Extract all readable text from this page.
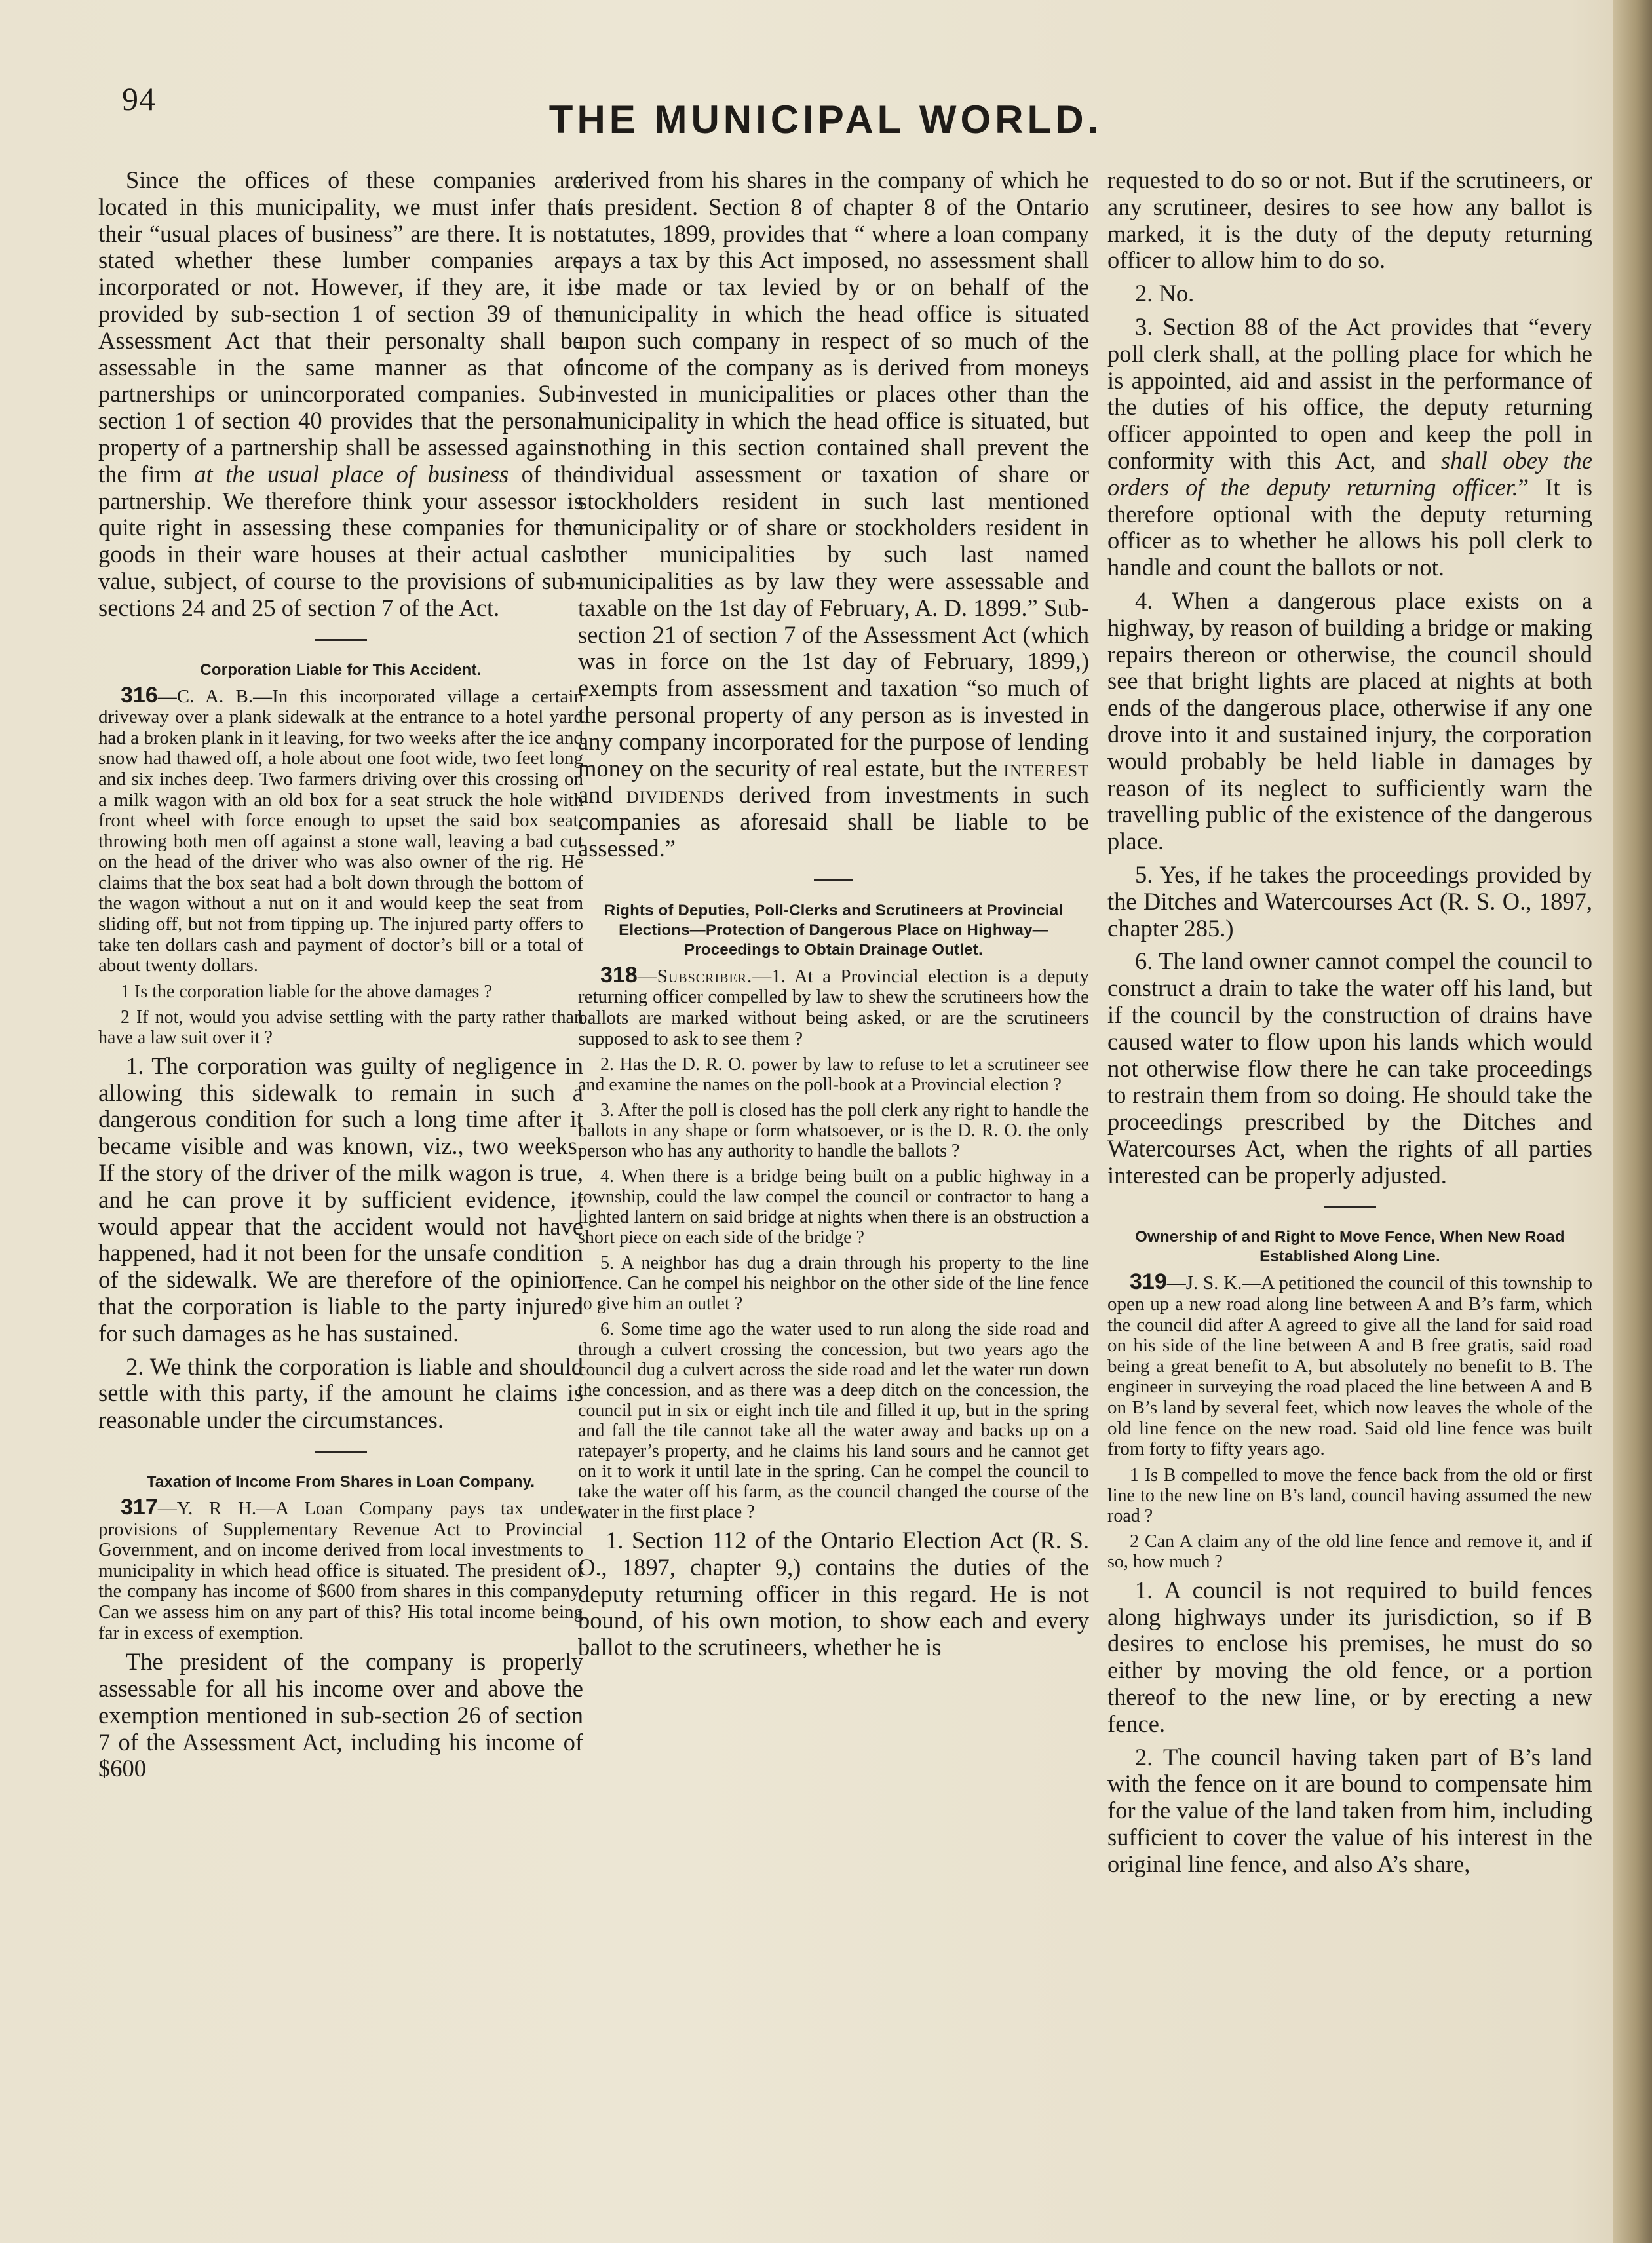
94	THE MUNICIPAL WORLD.

Since the offices of these companies are located in this municipality, we must infer that their “usual places of business” are there. It is not stated whether these lumber companies are incorporated or not. However, if they are, it is provided by sub-section 1 of section 39 of the Assessment Act that their personalty shall be assessable in the same manner as that of partnerships or unincorporated companies. Sub-section 1 of section 40 provides that the personal property of a partnership shall be assessed against the firm at the usual place of business of the partnership. We therefore think your assessor is quite right in assessing these companies for the goods in their ware houses at their actual cash value, subject, of course to the provisions of sub-sections 24 and 25 of section 7 of the Act.

Corporation Liable for This Accident.

316—C. A. B.—In this incorporated village a certain driveway over a plank sidewalk at the entrance to a hotel yard had a broken plank in it leaving, for two weeks after the ice and snow had thawed off, a hole about one foot wide, two feet long and six inches deep. Two farmers driving over this crossing on a milk wagon with an old box for a seat struck the hole with front wheel with force enough to upset the said box seat, throwing both men off against a stone wall, leaving a bad cut on the head of the driver who was also owner of the rig. He claims that the box seat had a bolt down through the bottom of the wagon without a nut on it and would keep the seat from sliding off, but not from tipping up. The injured party offers to take ten dollars cash and payment of doctor’s bill or a total of about twenty dollars.

1 Is the corporation liable for the above damages ?

2 If not, would you advise settling with the party rather than have a law suit over it ?

1. The corporation was guilty of negligence in allowing this sidewalk to remain in such a dangerous condition for such a long time after it became visible and was known, viz., two weeks. If the story of the driver of the milk wagon is true, and he can prove it by sufficient evidence, it would appear that the accident would not have happened, had it not been for the unsafe condition of the sidewalk. We are therefore of the opinion that the corporation is liable to the party injured for such damages as he has sustained.

2. We think the corporation is liable and should settle with this party, if the amount he claims is reasonable under the circumstances.

Taxation of Income From Shares in Loan Company.

317—Y. R H.—A Loan Company pays tax under provisions of Supplementary Revenue Act to Provincial Government, and on income derived from local investments to municipality in which head office is situated. The president of the company has income of $600 from shares in this company. Can we assess him on any part of this? His total income being far in excess of exemption.

The president of the company is properly assessable for all his income over and above the exemption mentioned in sub-section 26 of section 7 of the Assessment Act, including his income of $600

derived from his shares in the company of which he is president. Section 8 of chapter 8 of the Ontario statutes, 1899, provides that “ where a loan company pays a tax by this Act imposed, no assessment shall be made or tax levied by or on behalf of the municipality in which the head office is situated upon such company in respect of so much of the income of the company as is derived from moneys invested in municipalities or places other than the municipality in which the head office is situated, but nothing in this section contained shall prevent the individual assessment or taxation of share or stockholders resident in such last mentioned municipality or of share or stockholders resident in other municipalities by such last named municipalities as by law they were assessable and taxable on the 1st day of February, A. D. 1899.” Sub-section 21 of section 7 of the Assessment Act (which was in force on the 1st day of February, 1899,) exempts from assessment and taxation “so much of the personal property of any person as is invested in any company incorporated for the purpose of lending money on the security of real estate, but the interest and dividends derived from investments in such companies as aforesaid shall be liable to be assessed.”

Rights of Deputies, Poll-Clerks and Scrutineers at Provincial Elections—Protection of Dangerous Place on Highway—Proceedings to Obtain Drainage Outlet.

318—Subscriber.—1. At a Provincial election is a deputy returning officer compelled by law to shew the scrutineers how the ballots are marked without being asked, or are the scrutineers supposed to ask to see them ?

2. Has the D. R. O. power by law to refuse to let a scrutineer see and examine the names on the poll-book at a Provincial election ?

3. After the poll is closed has the poll clerk any right to handle the ballots in any shape or form whatsoever, or is the D. R. O. the only person who has any authority to handle the ballots ?

4. When there is a bridge being built on a public highway in a township, could the law compel the council or contractor to hang a lighted lantern on said bridge at nights when there is an obstruction a short piece on each side of the bridge ?

5. A neighbor has dug a drain through his property to the line fence. Can he compel his neighbor on the other side of the line fence to give him an outlet ?

6. Some time ago the water used to run along the side road and through a culvert crossing the concession, but two years ago the council dug a culvert across the side road and let the water run down the concession, and as there was a deep ditch on the concession, the council put in six or eight inch tile and filled it up, but in the spring and fall the tile cannot take all the water away and backs up on a ratepayer’s property, and he claims his land sours and he cannot get on it to work it until late in the spring. Can he compel the council to take the water off his farm, as the council changed the course of the water in the first place ?

1. Section 112 of the Ontario Election Act (R. S. O., 1897, chapter 9,) contains the duties of the deputy returning officer in this regard. He is not bound, of his own motion, to show each and every ballot to the scrutineers, whether he is

requested to do so or not. But if the scrutineers, or any scrutineer, desires to see how any ballot is marked, it is the duty of the deputy returning officer to allow him to do so.

2. No.

3. Section 88 of the Act provides that “every poll clerk shall, at the polling place for which he is appointed, aid and assist in the performance of the duties of his office, the deputy returning officer appointed to open and keep the poll in conformity with this Act, and shall obey the orders of the deputy returning officer.” It is therefore optional with the deputy returning officer as to whether he allows his poll clerk to handle and count the ballots or not.

4. When a dangerous place exists on a highway, by reason of building a bridge or making repairs thereon or otherwise, the council should see that bright lights are placed at nights at both ends of the dangerous place, otherwise if any one drove into it and sustained injury, the corporation would probably be held liable in damages by reason of its neglect to sufficiently warn the travelling public of the existence of the dangerous place.

5. Yes, if he takes the proceedings provided by the Ditches and Watercourses Act (R. S. O., 1897, chapter 285.)

6. The land owner cannot compel the council to construct a drain to take the water off his land, but if the council by the construction of drains have caused water to flow upon his lands which would not otherwise flow there he can take proceedings to restrain them from so doing. He should take the proceedings prescribed by the Ditches and Watercourses Act, when the rights of all parties interested can be properly adjusted.

Ownership of and Right to Move Fence, When New Road Established Along Line.

319—J. S. K.—A petitioned the council of this township to open up a new road along line between A and B’s farm, which the council did after A agreed to give all the land for said road on his side of the line between A and B free gratis, said road being a great benefit to A, but absolutely no benefit to B. The engineer in surveying the road placed the line between A and B on B’s land by several feet, which now leaves the whole of the old line fence on the new road. Said old line fence was built from forty to fifty years ago.

1 Is B compelled to move the fence back from the old or first line to the new line on B’s land, council having assumed the new road ?

2 Can A claim any of the old line fence and remove it, and if so, how much ?

1. A council is not required to build fences along highways under its jurisdiction, so if B desires to enclose his premises, he must do so either by moving the old fence, or a portion thereof to the new line, or by erecting a new fence.

2. The council having taken part of B’s land with the fence on it are bound to compensate him for the value of the land taken from him, including sufficient to cover the value of his interest in the original line fence, and also A’s share,
